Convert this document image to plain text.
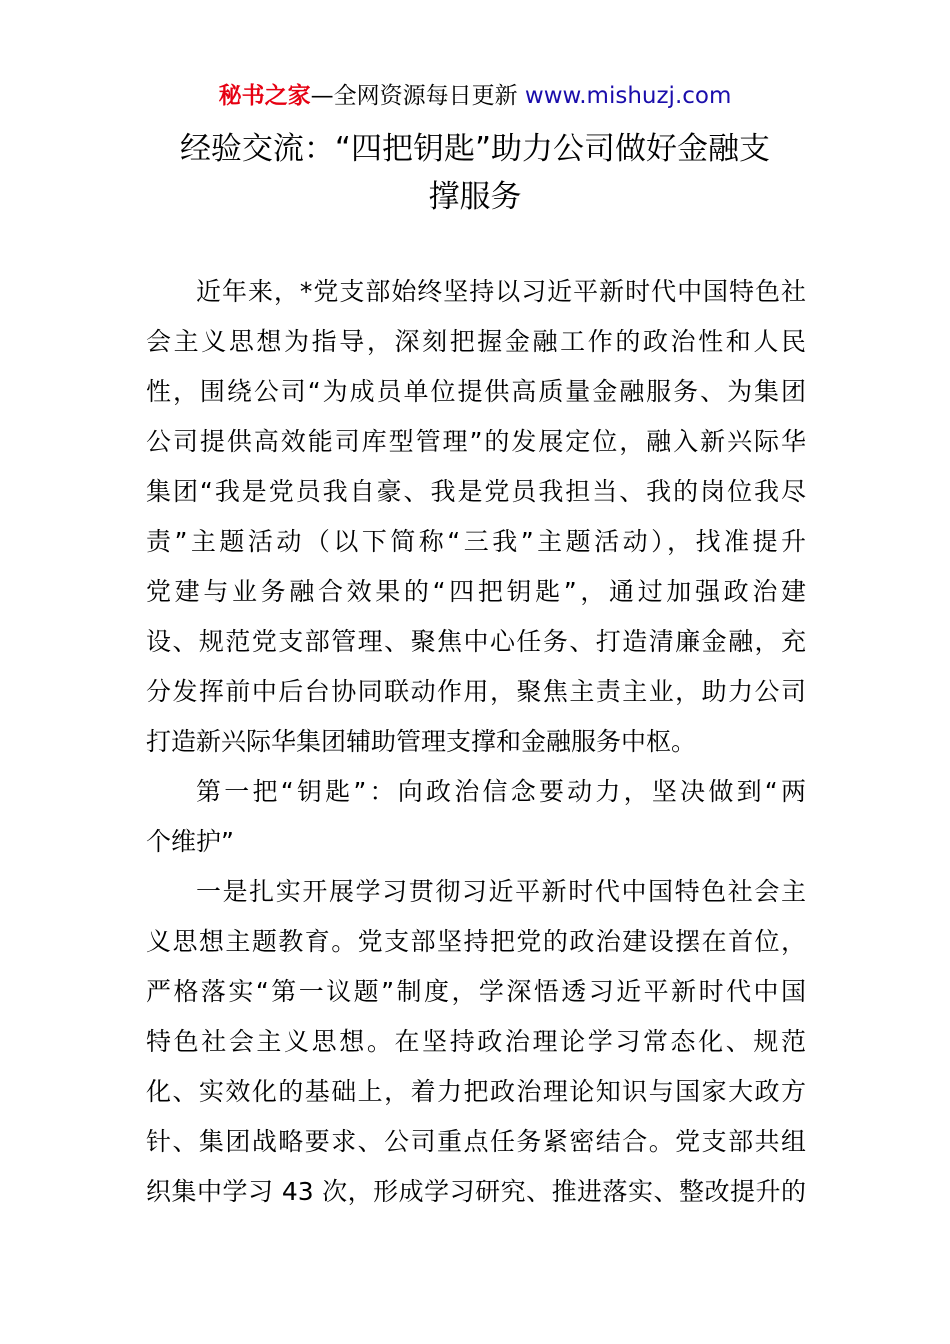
秘书之家—全网资源每日更新 www.mishuzj.com
经验交流：“四把钥匙”助力公司做好金融支
撑服务
近年来，*党支部始终坚持以习近平新时代中国特色社
会主义思想为指导，深刻把握金融工作的政治性和人民
性，围绕公司“为成员单位提供高质量金融服务、为集团
公司提供高效能司库型管理”的发展定位，融入新兴际华
集团“我是党员我自豪、我是党员我担当、我的岗位我尽
责”主题活动（以下简称“三我”主题活动），找准提升
党建与业务融合效果的“四把钥匙”，通过加强政治建
设、规范党支部管理、聚焦中心任务、打造清廉金融，充
分发挥前中后台协同联动作用，聚焦主责主业，助力公司
打造新兴际华集团辅助管理支撑和金融服务中枢。
第一把“钥匙”：向政治信念要动力，坚决做到“两
个维护”
一是扎实开展学习贯彻习近平新时代中国特色社会主
义思想主题教育。党支部坚持把党的政治建设摆在首位，
严格落实“第一议题”制度，学深悟透习近平新时代中国
特色社会主义思想。在坚持政治理论学习常态化、规范
化、实效化的基础上，着力把政治理论知识与国家大政方
针、集团战略要求、公司重点任务紧密结合。党支部共组
织集中学习 43 次，形成学习研究、推进落实、整改提升的
